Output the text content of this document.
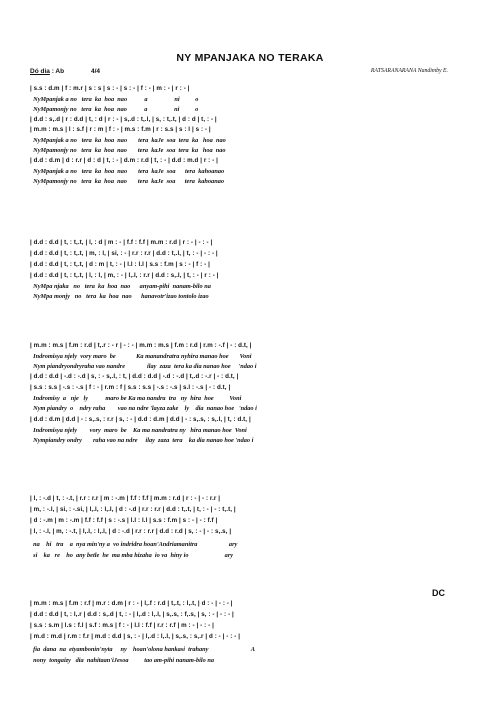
NY MPANJAKA NO TERAKA
Dó dia : Ab	4/4	RATSARANARANA Nandimby E.
DC
| s.s : d.m | f : m.r | s : s | s : - | s : - | f : - | m : - | r : - |
NyMpanjak a no   tera  ka  hoa  nao           a                 ni          o
NyMpamonjy no   tera  ka  hoa  nao           a                 ni          o
| d.d : s,.d | r : d.d | t, : d | r : - | s,.d : t,.l, | s, : t,.t, | d : d | t, : - |
| m.m : m.s | l : s.f | r : m | f : - | m.s : f.m | r : s.s | s : l | s : - |
NyMpanjak a no   tera  ka  hoa  nao       tera  kaJe  soa  tera  ka   hoa  nao
NyMpamonjy no   tera  ka  hoa  nao       tera  kaJe  soa  tera  ka   hoa  nao
| d.d : d.m | d : r.r | d : d | t, : - | d.m : r.d | t, : - | d.d : m.d | r : - |
NyMpanjak a no   tera  ka  hoa  nao       tera  kaJe  soa      tera  kahoanao
NyMpamonjy no   tera  ka  hoa  nao       tera  kaJe  soa      tera  kahoanao
| d.d : d.d | t, : t,.t, | l, : d | m : - | f.f : f.f | m.m : r.d | r : - | - : - |
| d.d : d.d | t, : t,.t, | m, : l, | si, : - | r.r : r.r | d.d : t,.l, | t, : - | - : - |
| d.d : d.d | t, : t,.t, | d : m | t, : - | l.l : l.l | s.s : f.m | s : - | f : - |
| d.d : d.d | t, : t,.t, | l, : l, | m, : - | l,.l, : r.r | d.d : s,.l, | t, : - | r : - |
NyMpa njaka   no   tera  ka  hoa  nao      anyam-pihi  nanam-bilo na
NyMpa monjy   no   tera  ka  hoa  nao      hanavotr'izao tontolo izao
| m.m : m.s | f.m : r.d | t,.r : - r | - : - | m.m : m.s | f.m : r.d | r.m : -.f | - : d.t, |
Indromisya njely  vory maro  be             Ka manandratra nyhira manao hoe       Voni
Nym piandryondryraha vao nandre              ilay  zaza  tera ka dia nanao hoe     'ndao i
| d.d : d.d | -.d : -.d | s, : - s,.l, : t, | d.d : d.d | -.d : -.d | t,.d : -.r | - : d.t, |
| s.s : s.s | -.s : -.s | f : - | r.m : f | s.s : s.s | -.s : -.s | s.l : -.s | - : d.t, |
Indromisy  a   nje   ly           maro be Ka ma nandra  tra   ny  hira  hoe          Voni
Nym piandry  o    ndry raha        vao na ndre 'layza zake    ly    dia  nanao hoe   'ndao i
| d.d : d.m | d.d | - : s,.s, : r.r | s, : - | d.d : d.m | d.d | - : s,.s, : s,.l, | t, : d.t, |
Indromisya njely        vory  maro  be    Ka ma nandratra ny   hira manao hoe  Voni
Nympiandry ondry       raha vao na ndre     ilay  zaza  tera    ka dia nanao hoe 'ndao i
| l, : -.d | t, : -.t, | r.r : r.r | m : -.m | f.f : f.f | m.m : r.d | r : - | - : r.r |
| m, : -.l, | si, : -.si, | l,.l, : l,.l, | d : -.d | r.r : r.r | d.d : t,.t, | t, : - | - : t,.t, |
| d : -.m | m : -.m | f.f : f.f | s : -.s | l.l : l.l | s.s : f.m | s : - | - : f.f |
| l, : -.l, | m, : -.t, | l,.l, : l,.l, | d : -.d | r.r : r.r | d.d : r.d | s, : - | - : s,.s, |
na    hi   tra    a  nya min'ny a  vo indridra hoan'Andriamanitra                    ary
si    ka   re    ho  any betle  he  ma mba hizaha  io va  hiny io                       ary
| m.m : m.s | f.m : r.f | m.r : d.m | r : - | l,.f : r.d | t,.t, : l,.t, | d : - | - : - |
| d.d : d.d | t, : l,.r | d.d : s,.d | t, : - | l,.d : l,.l, | s,.s, : f,.s, | s, : - | - : - |
| s.s : s.m | l.s : f.l | s.f : m.s | f : - | l.l : f.f | r.r : r.f | m : - | - : - |
| m.d : m.d | r.m : f.r | m.d : d.d | s, : - | l,.d : l,.l, | s,.s, : s,.r | d : - | - : - |
fia  dana  na  etyambonin'nyta     ny    hoan'olona hankasi  trahany                           A
nony  tongaizy   dia  nahitaan'iJesoa          tao am-pihi nanam-bilo na
